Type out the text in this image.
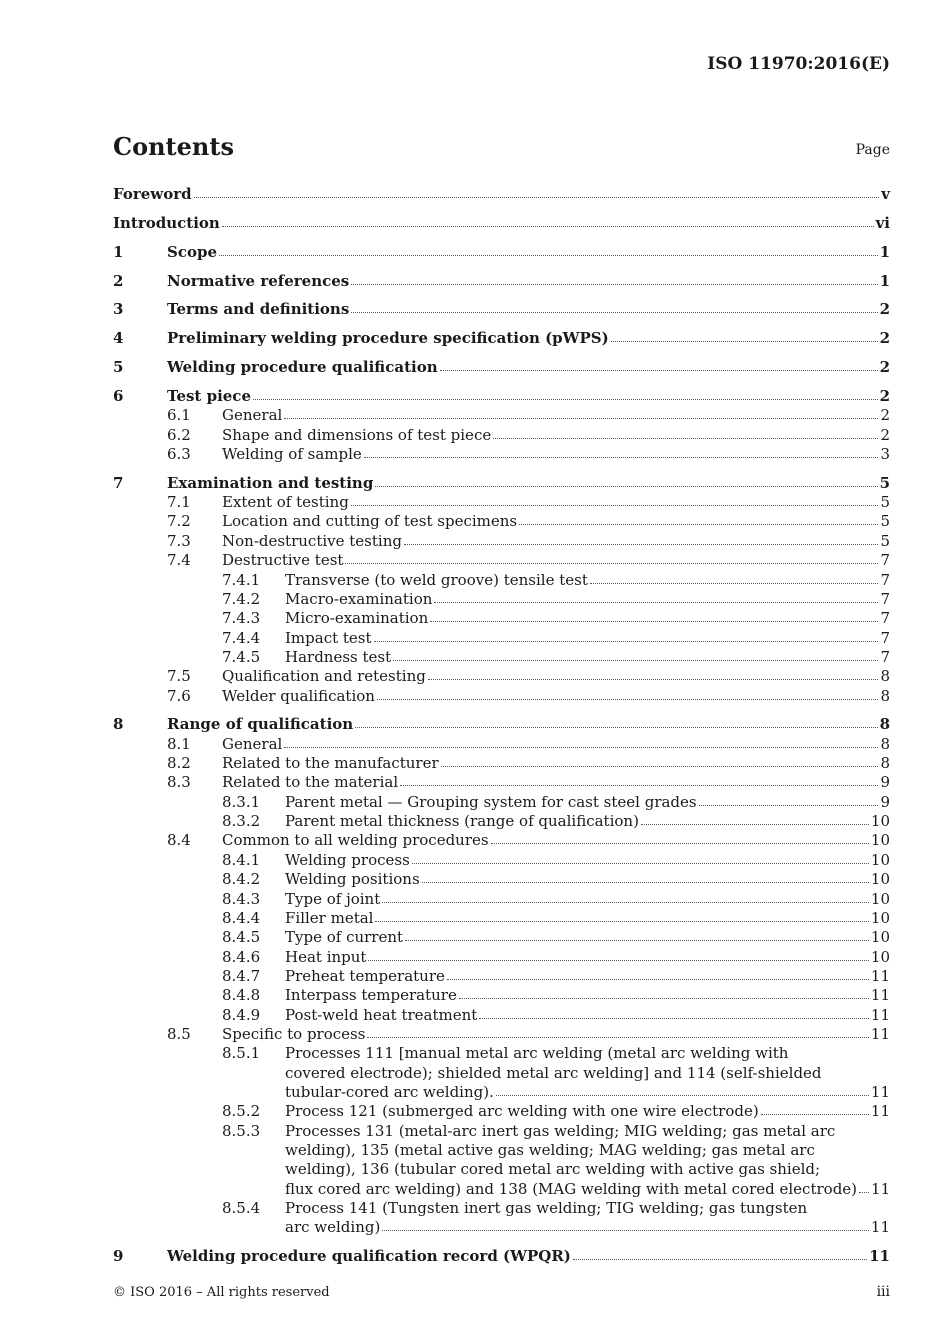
ISO 11970:2016(E)
Contents	Page
Foreword	v
Introduction	vi
1	Scope	1
2	Normative references	1
3	Terms and definitions	2
4	Preliminary welding procedure specification (pWPS)	2
5	Welding procedure qualification	2
6	Test piece	2
6.1 General	2
6.2 Shape and dimensions of test piece	2
6.3 Welding of sample	3
7	Examination and testing	5
7.1 Extent of testing	5
7.2 Location and cutting of test specimens	5
7.3 Non-destructive testing	5
7.4 Destructive test	7
7.4.1 Transverse (to weld groove) tensile test	7
7.4.2 Macro-examination	7
7.4.3 Micro-examination	7
7.4.4 Impact test	7
7.4.5 Hardness test	7
7.5 Qualification and retesting	8
7.6 Welder qualification	8
8	Range of qualification	8
8.1 General	8
8.2 Related to the manufacturer	8
8.3 Related to the material	9
8.3.1 Parent metal — Grouping system for cast steel grades	9
8.3.2 Parent metal thickness (range of qualification)	10
8.4 Common to all welding procedures	10
8.4.1 Welding process	10
8.4.2 Welding positions	10
8.4.3 Type of joint	10
8.4.4 Filler metal	10
8.4.5 Type of current	10
8.4.6 Heat input	10
8.4.7 Preheat temperature	11
8.4.8 Interpass temperature	11
8.4.9 Post-weld heat treatment	11
8.5 Specific to process	11
8.5.1 Processes 111 [manual metal arc welding (metal arc welding with
covered electrode); shielded metal arc welding] and 114 (self-shielded
tubular-cored arc welding).	11
8.5.2 Process 121 (submerged arc welding with one wire electrode)	11
8.5.3 Processes 131 (metal-arc inert gas welding; MIG welding; gas metal arc
welding), 135 (metal active gas welding; MAG welding; gas metal arc
welding), 136 (tubular cored metal arc welding with active gas shield;
flux cored arc welding) and 138 (MAG welding with metal cored electrode) 11
8.5.4 Process 141 (Tungsten inert gas welding; TIG welding; gas tungsten
arc welding)	11
9	Welding procedure qualification record (WPQR)	11
© ISO 2016 – All rights reserved	iii
